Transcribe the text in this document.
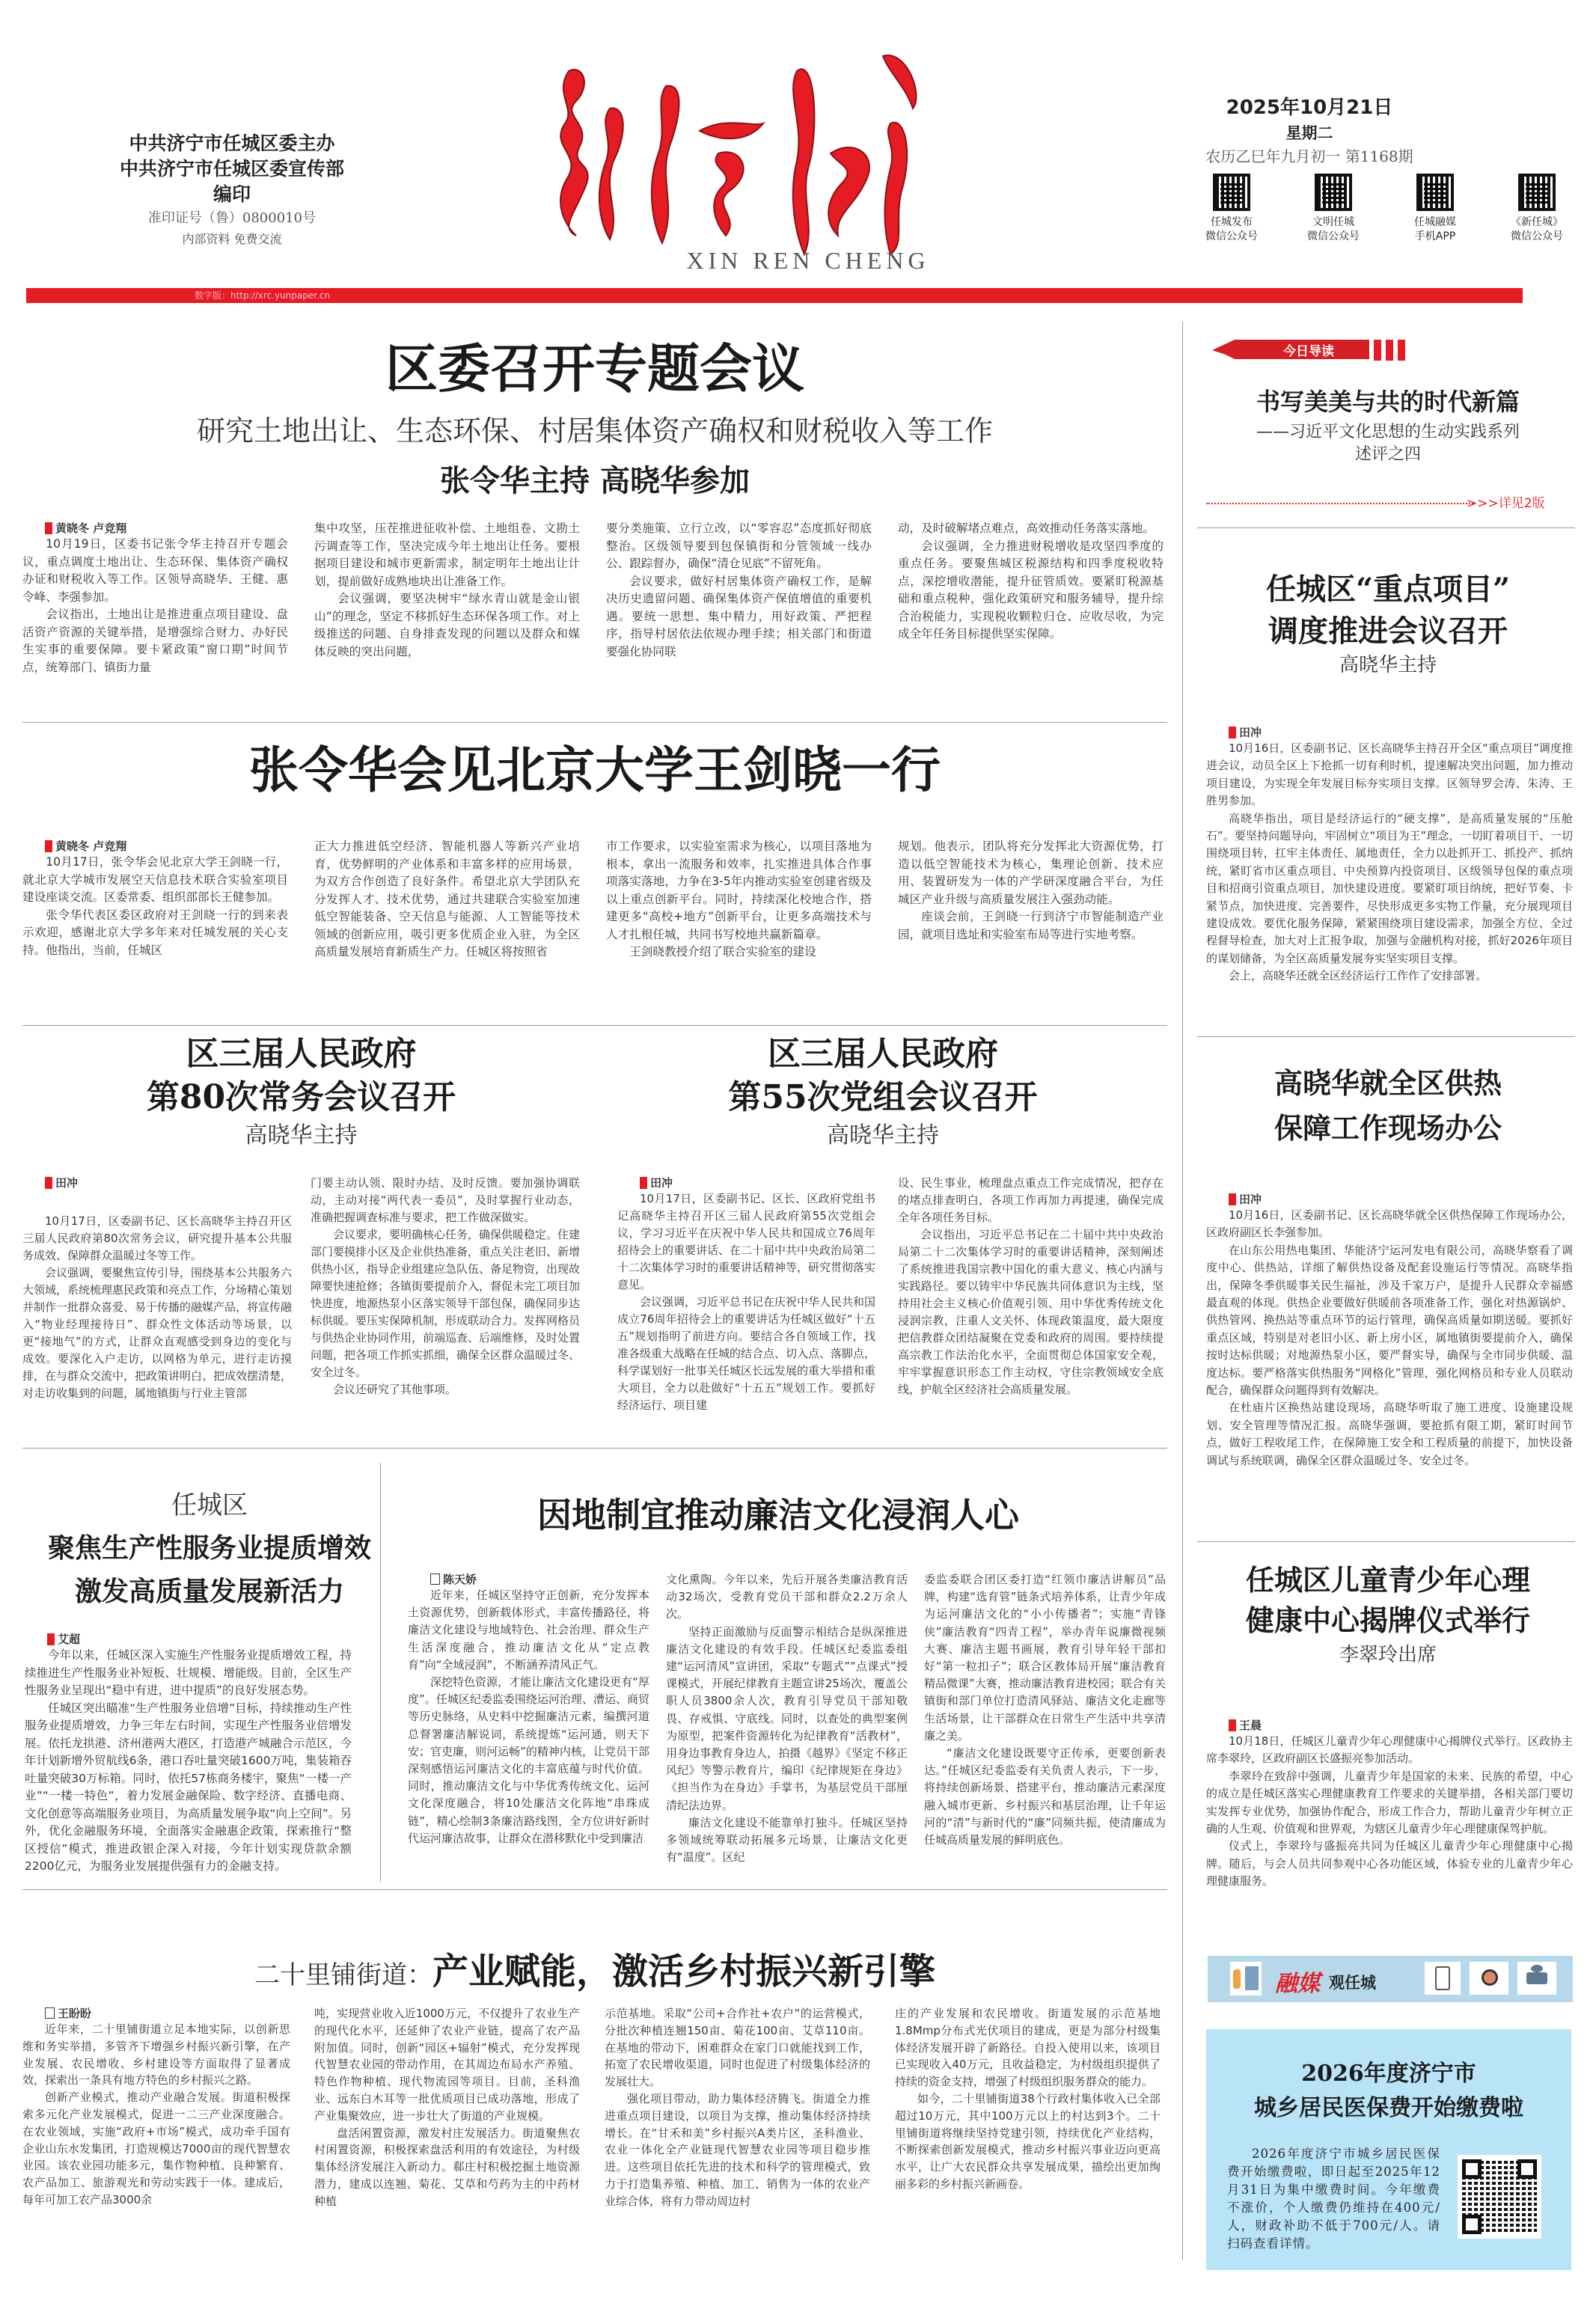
中共济宁市任城区委主办
中共济宁市任城区委宣传部编印
准印证号（鲁）0800010号
内部资料 免费交流
XIN REN CHENG
2025年10月21日
星期二
农历乙巳年九月初一 第1168期
任城发布
微信公众号
文明任城
微信公众号
任城融媒
手机APP
《新任城》
微信公众号
数字版：http://xrc.yunpaper.cn
区委召开专题会议
研究土地出让、生态环保、村居集体资产确权和财税收入等工作
张令华主持 高晓华参加
黄晓冬 卢竞翔

10月19日，区委书记张令华主持召开专题会议，重点调度土地出让、生态环保、集体资产确权办证和财税收入等工作。区领导高晓华、王健、惠令峰、李强参加。
会议指出，土地出让是推进重点项目建设、盘活资产资源的关键举措，是增强综合财力、办好民生实事的重要保障。要卡紧政策“窗口期”时间节点，统筹部门、镇街力量

集中攻坚，压茬推进征收补偿、土地组卷、文勘土污调查等工作，坚决完成今年土地出让任务。要根据项目建设和城市更新需求，制定明年土地出让计划，提前做好成熟地块出让准备工作。
会议强调，要坚决树牢“绿水青山就是金山银山”的理念，坚定不移抓好生态环保各项工作。对上级推送的问题、自身排查发现的问题以及群众和媒体反映的突出问题，
要分类施策、立行立改，以“零容忍”态度抓好彻底整治。区级领导要到包保镇街和分管领域一线办公、跟踪督办，确保“清仓见底”不留死角。
会议要求，做好村居集体资产确权工作，是解决历史遗留问题、确保集体资产保值增值的重要机遇。要统一思想、集中精力，用好政策、严把程序，指导村居依法依规办理手续；相关部门和街道要强化协同联
动，及时破解堵点难点，高效推动任务落实落地。
会议强调，全力推进财税增收是攻坚四季度的重点任务。要聚焦城区税源结构和四季度税收特点，深挖增收潜能，提升征管质效。要紧盯税源基础和重点税种，强化政策研究和服务辅导，提升综合治税能力，实现税收颗粒归仓、应收尽收，为完成全年任务目标提供坚实保障。
张令华会见北京大学王剑晓一行
黄晓冬 卢竞翔

10月17日，张令华会见北京大学王剑晓一行，就北京大学城市发展空天信息技术联合实验室项目建设座谈交流。区委常委、组织部部长王健参加。
张令华代表区委区政府对王剑晓一行的到来表示欢迎，感谢北京大学多年来对任城发展的关心支持。他指出，当前，任城区

正大力推进低空经济、智能机器人等新兴产业培育，优势鲜明的产业体系和丰富多样的应用场景，为双方合作创造了良好条件。希望北京大学团队充分发挥人才、技术优势，通过共建联合实验室加速低空智能装备、空天信息与能源、人工智能等技术领域的创新应用，吸引更多优质企业入驻，为全区高质量发展培育新质生产力。任城区将按照省
市工作要求，以实验室需求为核心，以项目落地为根本，拿出一流服务和效率，扎实推进具体合作事项落实落地，力争在3-5年内推动实验室创建省级及以上重点创新平台。同时，持续深化校地合作，搭建更多“高校+地方”创新平台，让更多高端技术与人才扎根任城，共同书写校地共赢新篇章。
王剑晓教授介绍了联合实验室的建设
规划。他表示，团队将充分发挥北大资源优势，打造以低空智能技术为核心，集理论创新、技术应用、装置研发为一体的产学研深度融合平台，为任城区产业升级与高质量发展注入强劲动能。
座谈会前，王剑晓一行到济宁市智能制造产业园，就项目选址和实验室布局等进行实地考察。
区三届人民政府
第80次常务会议召开
高晓华主持
田冲

10月17日，区委副书记、区长高晓华主持召开区三届人民政府第80次常务会议，研究提升基本公共服务成效、保障群众温暖过冬等工作。
会议强调，要聚焦宣传引导，围绕基本公共服务六大领域，系统梳理惠民政策和亮点工作，分场精心策划并制作一批群众喜爱、易于传播的融媒产品，将宣传融入“物业经理接待日”、群众性文体活动等场景，以更“接地气”的方式，让群众直观感受到身边的变化与成效。要深化入户走访，以网格为单元，进行走访摸排，在与群众交流中，把政策讲明白、把成效摆清楚，对走访收集到的问题，属地镇街与行业主管部

门要主动认领、限时办结、及时反馈。要加强协调联动，主动对接“两代表一委员”，及时掌握行业动态，准确把握调查标准与要求，把工作做深做实。
会议要求，要明确核心任务，确保供暖稳定。住建部门要摸排小区及企业供热准备，重点关注老旧、新增供热小区，指导企业组建应急队伍、备足物资，出现故障要快速抢修；各镇街要提前介入，督促未完工项目加快进度，地源热泵小区落实领导干部包保，确保同步达标供暖。要压实保障机制，形成联动合力。发挥网格员与供热企业协同作用，前端巡查、后端维修，及时处置问题，把各项工作抓实抓细，确保全区群众温暖过冬、安全过冬。
会议还研究了其他事项。
区三届人民政府
第55次党组会议召开
高晓华主持
田冲

10月17日，区委副书记、区长、区政府党组书记高晓华主持召开区三届人民政府第55次党组会议，学习习近平在庆祝中华人民共和国成立76周年招待会上的重要讲话、在二十届中共中央政治局第二十二次集体学习时的重要讲话精神等，研究贯彻落实意见。
会议强调，习近平总书记在庆祝中华人民共和国成立76周年招待会上的重要讲话为任城区做好“十五五”规划指明了前进方向。要结合各自领域工作，找准各级重大战略在任城的结合点、切入点、落脚点，科学谋划好一批事关任城区长远发展的重大举措和重大项目，全力以赴做好“十五五”规划工作。要抓好经济运行、项目建

设、民生事业，梳理盘点重点工作完成情况，把存在的堵点排查明白，各项工作再加力再提速，确保完成全年各项任务目标。
会议指出，习近平总书记在二十届中共中央政治局第二十二次集体学习时的重要讲话精神，深刻阐述了系统推进我国宗教中国化的重大意义、核心内涵与实践路径。要以铸牢中华民族共同体意识为主线，坚持用社会主义核心价值观引领、用中华优秀传统文化浸润宗教，注重人文关怀、体现政策温度，最大限度把信教群众团结凝聚在党委和政府的周围。要持续提高宗教工作法治化水平，全面贯彻总体国家安全观，牢牢掌握意识形态工作主动权，守住宗教领域安全底线，护航全区经济社会高质量发展。
任城区
聚焦生产性服务业提质增效
激发高质量发展新活力
艾超

今年以来，任城区深入实施生产性服务业提质增效工程，持续推进生产性服务业补短板、壮规模、增能级。目前，全区生产性服务业呈现出“稳中有进，进中提质”的良好发展态势。
任城区突出瞄准“生产性服务业倍增”目标，持续推动生产性服务业提质增效，力争三年左右时间，实现生产性服务业倍增发展。依托龙拱港、济州港两大港区，打造港产城融合示范区，今年计划新增外贸航线6条，港口吞吐量突破1600万吨，集装箱吞吐量突破30万标箱。同时，依托57栋商务楼宇，聚焦“一楼一产业”“一楼一特色”，着力发展金融保险、数字经济、直播电商、文化创意等高端服务业项目，为高质量发展争取“向上空间”。另外，优化金融服务环境，全面落实金融惠企政策，探索推行“整区授信”模式，推进政银企深入对接，今年计划实现贷款余额2200亿元，为服务业发展提供强有力的金融支持。

因地制宜推动廉洁文化浸润人心
陈天娇

近年来，任城区坚持守正创新，充分发挥本土资源优势，创新载体形式，丰富传播路径，将廉洁文化建设与地域特色、社会治理、群众生产生活深度融合，推动廉洁文化从“定点教育”向“全域浸润”，不断涵养清风正气。
深挖特色资源，才能让廉洁文化建设更有“厚度”。任城区纪委监委围绕运河治理、漕运、商贸等历史脉络，从史料中挖掘廉洁元素，编撰河道总督署廉洁解说词，系统提炼“运河通，则天下安；官吏廉，则河运畅”的精神内核，让党员干部深刻感悟运河廉洁文化的丰富底蕴与时代价值。同时，推动廉洁文化与中华优秀传统文化、运河文化深度融合，将10处廉洁文化阵地“串珠成链”，精心绘制3条廉洁路线图，全方位讲好新时代运河廉洁故事，让群众在潜移默化中受到廉洁

文化熏陶。今年以来，先后开展各类廉洁教育活动32场次，受教育党员干部和群众2.2万余人次。
坚持正面激励与反面警示相结合是纵深推进廉洁文化建设的有效手段。任城区纪委监委组建“运河清风”宣讲团，采取“专题式”“点课式”授课模式，开展纪律教育主题宣讲25场次，覆盖公职人员3800余人次，教育引导党员干部知敬畏、存戒惧、守底线。同时，以查处的典型案例为原型，把案件资源转化为纪律教育“活教材”，用身边事教育身边人，拍摄《越界》《坚定不移正风纪》等警示教育片，编印《纪律规矩在身边》《担当作为在身边》手掌书，为基层党员干部厘清纪法边界。
廉洁文化建设不能靠单打独斗。任城区坚持多领域统筹联动拓展多元场景，让廉洁文化更有“温度”。区纪
委监委联合团区委打造“红领巾廉洁讲解员”品牌，构建“选育管”链条式培养体系，让青少年成为运河廉洁文化的“小小传播者”；实施“青锋侠”廉洁教育“四青工程”，举办青年说廉微视频大赛、廉洁主题书画展，教育引导年轻干部扣好“第一粒扣子”；联合区教体局开展“廉洁教育精品微课”大赛，推动廉洁教育进校园；联合有关镇街和部门单位打造清风驿站、廉洁文化走廊等生活场景，让干部群众在日常生产生活中共享清廉之美。
“廉洁文化建设既要守正传承，更要创新表达。”任城区纪委监委有关负责人表示，下一步，将持续创新场景、搭建平台，推动廉洁元素深度融入城市更新、乡村振兴和基层治理，让千年运河的“清”与新时代的“廉”同频共振，使清廉成为任城高质量发展的鲜明底色。
二十里铺街道：产业赋能，激活乡村振兴新引擎
王盼盼

近年来，二十里铺街道立足本地实际，以创新思维和务实举措，多管齐下增强乡村振兴新引擎，在产业发展、农民增收、乡村建设等方面取得了显著成效，探索出一条具有地方特色的乡村振兴之路。
创新产业模式，推动产业融合发展。街道积极探索多元化产业发展模式，促进一二三产业深度融合。在农业领域，实施“政府+市场”模式，成功牵手国有企业山东水发集团，打造规模达7000亩的现代智慧农业园。该农业园功能多元，集作物种植、良种繁育、农产品加工、旅游观光和劳动实践于一体。建成后，每年可加工农产品3000余

吨，实现营业收入近1000万元，不仅提升了农业生产的现代化水平，还延伸了农业产业链，提高了农产品附加值。同时，创新“园区+辐射”模式，充分发挥现代智慧农业园的带动作用，在其周边布局水产养殖、特色作物种植、现代物流园等项目。目前，圣科渔业、远东白木耳等一批优质项目已成功落地，形成了产业集聚效应，进一步壮大了街道的产业规模。
盘活闲置资源，激发村庄发展活力。街道聚焦农村闲置资源，积极探索盘活利用的有效途径，为村级集体经济发展注入新动力。郗庄村积极挖掘土地资源潜力，建成以连翘、菊花、艾草和芍药为主的中药材种植
示范基地。采取“公司+合作社+农户”的运营模式，分批次种植连翘150亩、菊花100亩、艾草110亩。在基地的带动下，困难群众在家门口就能找到工作，拓宽了农民增收渠道，同时也促进了村级集体经济的发展壮大。
强化项目带动，助力集体经济腾飞。街道全力推进重点项目建设，以项目为支撑，推动集体经济持续增长。在“甘禾和美”乡村振兴A类片区，圣科渔业、农业一体化全产业链现代智慧农业园等项目稳步推进。这些项目依托先进的技术和科学的管理模式，致力于打造集养殖、种植、加工、销售为一体的农业产业综合体，将有力带动周边村
庄的产业发展和农民增收。街道发展的示范基地1.8Mmp分布式光伏项目的建成，更是为部分村级集体经济发展开辟了新路径。自投入使用以来，该项目已实现收入40万元，且收益稳定，为村级组织提供了持续的资金支持，增强了村级组织服务群众的能力。
如今，二十里铺街道38个行政村集体收入已全部超过10万元，其中100万元以上的村达到3个。二十里铺街道将继续坚持党建引领，持续优化产业结构，不断探索创新发展模式，推动乡村振兴事业迈向更高水平，让广大农民群众共享发展成果，描绘出更加绚丽多彩的乡村振兴新画卷。
今日导读
书写美美与共的时代新篇
——习近平文化思想的生动实践系列
述评之四
>>>详见2版
任城区“重点项目”
调度推进会议召开
高晓华主持
田冲

10月16日，区委副书记、区长高晓华主持召开全区“重点项目”调度推进会议，动员全区上下抢抓一切有利时机，提速解决突出问题，加力推动项目建设，为实现全年发展目标夯实项目支撑。区领导罗会涛、朱涛、王胜男参加。
高晓华指出，项目是经济运行的“硬支撑”，是高质量发展的“压舱石”。要坚持问题导向，牢固树立“项目为王”理念，一切盯着项目干、一切围绕项目转，扛牢主体责任、属地责任，全力以赴抓开工、抓投产、抓纳统，紧盯省市区重点项目、中央预算内投资项目、区级领导包保的重点项目和招商引资重点项目，加快建设进度。要紧盯项目纳统，把好节奏、卡紧节点，加快进度、完善要件，尽快形成更多实物工作量，充分展现项目建设成效。要优化服务保障，紧紧围绕项目建设需求，加强全方位、全过程督导检查，加大对上汇报争取，加强与金融机构对接，抓好2026年项目的谋划储备，为全区高质量发展夯实坚实项目支撑。
会上，高晓华还就全区经济运行工作作了安排部署。

高晓华就全区供热
保障工作现场办公
田冲

10月16日，区委副书记、区长高晓华就全区供热保障工作现场办公，区政府副区长李强参加。
在山东公用热电集团、华能济宁运河发电有限公司，高晓华察看了调度中心、供热站，详细了解供热设备及配套设施运行等情况。高晓华指出，保障冬季供暖事关民生福祉，涉及千家万户，是提升人民群众幸福感最直观的体现。供热企业要做好供暖前各项准备工作，强化对热源锅炉、供热管网、换热站等重点环节的运行管理，确保高质量如期送暖。要抓好重点区域，特别是对老旧小区、新上房小区，属地镇街要提前介入，确保按时达标供暖；对地源热泵小区，要严督实导，确保与全市同步供暖、温度达标。要严格落实供热服务“网格化”管理，强化网格员和专业人员联动配合，确保群众问题得到有效解决。
在杜庙片区换热站建设现场，高晓华听取了施工进度、设施建设规划、安全管理等情况汇报。高晓华强调，要抢抓有限工期，紧盯时间节点，做好工程收尾工作，在保障施工安全和工程质量的前提下，加快设备调试与系统联调，确保全区群众温暖过冬、安全过冬。

任城区儿童青少年心理
健康中心揭牌仪式举行
李翠玲出席
王晨

10月18日，任城区儿童青少年心理健康中心揭牌仪式举行。区政协主席李翠玲，区政府副区长盛振亮参加活动。
李翠玲在致辞中强调，儿童青少年是国家的未来、民族的希望，中心的成立是任城区落实心理健康教育工作要求的关键举措，各相关部门要切实发挥专业优势，加强协作配合，形成工作合力，帮助儿童青少年树立正确的人生观、价值观和世界观，为辖区儿童青少年心理健康保驾护航。
仪式上，李翠玲与盛振亮共同为任城区儿童青少年心理健康中心揭牌。随后，与会人员共同参观中心各功能区域，体验专业的儿童青少年心理健康服务。

融媒 观任城
2026年度济宁市
城乡居民医保费开始缴费啦
2026年度济宁市城乡居民医保费开始缴费啦，即日起至2025年12月31日为集中缴费时间。今年缴费不涨价，个人缴费仍维持在400元/人，财政补助不低于700元/人。请扫码查看详情。
